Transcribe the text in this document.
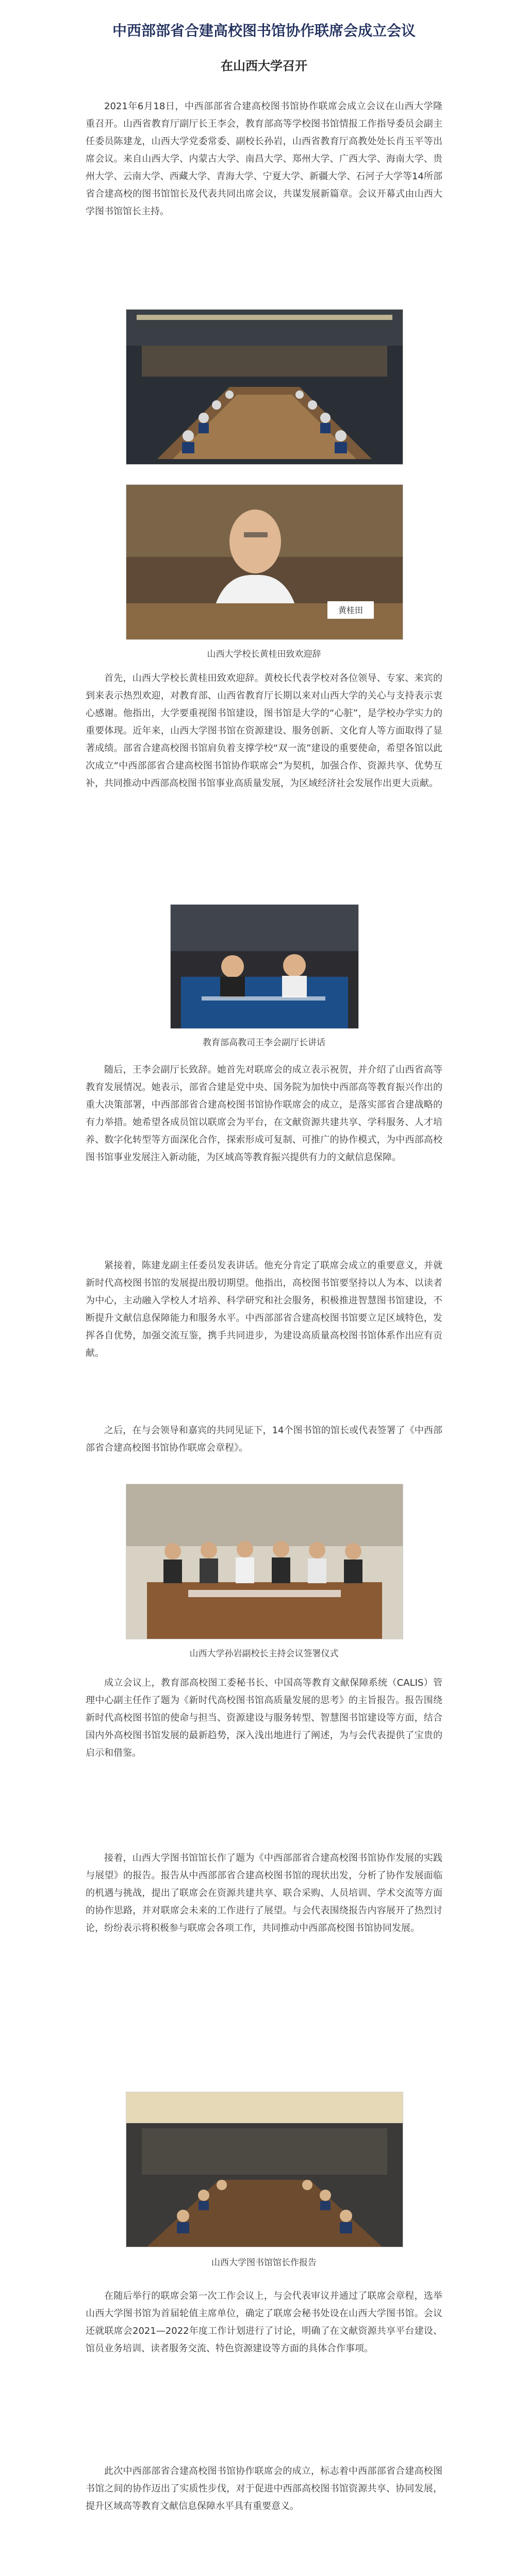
中西部部省合建高校图书馆协作联席会成立会议
在山西大学召开
2021年6月18日，中西部部省合建高校图书馆协作联席会成立会议在山西大学隆重召开。山西省教育厅副厅长王李会，教育部高等学校图书馆情报工作指导委员会副主任委员陈建龙，山西大学党委常委、副校长孙岩，山西省教育厅高教处处长肖玉平等出席会议。来自山西大学、内蒙古大学、南昌大学、郑州大学、广西大学、海南大学、贵州大学、云南大学、西藏大学、青海大学、宁夏大学、新疆大学、石河子大学等14所部省合建高校的图书馆馆长及代表共同出席会议，共谋发展新篇章。会议开幕式由山西大学图书馆馆长主持。
黄桂田
山西大学校长黄桂田致欢迎辞
首先，山西大学校长黄桂田致欢迎辞。黄校长代表学校对各位领导、专家、来宾的到来表示热烈欢迎，对教育部、山西省教育厅长期以来对山西大学的关心与支持表示衷心感谢。他指出，大学要重视图书馆建设，图书馆是大学的“心脏”，是学校办学实力的重要体现。近年来，山西大学图书馆在资源建设、服务创新、文化育人等方面取得了显著成绩。部省合建高校图书馆肩负着支撑学校“双一流”建设的重要使命，希望各馆以此次成立“中西部部省合建高校图书馆协作联席会”为契机，加强合作、资源共享、优势互补，共同推动中西部高校图书馆事业高质量发展，为区域经济社会发展作出更大贡献。
教育部高教司王李会副厅长讲话
随后，王李会副厅长致辞。她首先对联席会的成立表示祝贺，并介绍了山西省高等教育发展情况。她表示，部省合建是党中央、国务院为加快中西部高等教育振兴作出的重大决策部署，中西部部省合建高校图书馆协作联席会的成立，是落实部省合建战略的有力举措。她希望各成员馆以联席会为平台，在文献资源共建共享、学科服务、人才培养、数字化转型等方面深化合作，探索形成可复制、可推广的协作模式，为中西部高校图书馆事业发展注入新动能，为区域高等教育振兴提供有力的文献信息保障。
紧接着，陈建龙副主任委员发表讲话。他充分肯定了联席会成立的重要意义，并就新时代高校图书馆的发展提出殷切期望。他指出，高校图书馆要坚持以人为本、以读者为中心，主动融入学校人才培养、科学研究和社会服务，积极推进智慧图书馆建设，不断提升文献信息保障能力和服务水平。中西部部省合建高校图书馆要立足区域特色，发挥各自优势，加强交流互鉴，携手共同进步，为建设高质量高校图书馆体系作出应有贡献。
之后，在与会领导和嘉宾的共同见证下，14个图书馆的馆长或代表签署了《中西部部省合建高校图书馆协作联席会章程》。
山西大学孙岩副校长主持会议签署仪式
成立会议上，教育部高校图工委秘书长、中国高等教育文献保障系统（CALIS）管理中心副主任作了题为《新时代高校图书馆高质量发展的思考》的主旨报告。报告围绕新时代高校图书馆的使命与担当、资源建设与服务转型、智慧图书馆建设等方面，结合国内外高校图书馆发展的最新趋势，深入浅出地进行了阐述，为与会代表提供了宝贵的启示和借鉴。
接着，山西大学图书馆馆长作了题为《中西部部省合建高校图书馆协作发展的实践与展望》的报告。报告从中西部部省合建高校图书馆的现状出发，分析了协作发展面临的机遇与挑战，提出了联席会在资源共建共享、联合采购、人员培训、学术交流等方面的协作思路，并对联席会未来的工作进行了展望。与会代表围绕报告内容展开了热烈讨论，纷纷表示将积极参与联席会各项工作，共同推动中西部高校图书馆协同发展。
山西大学图书馆馆长作报告
在随后举行的联席会第一次工作会议上，与会代表审议并通过了联席会章程，选举山西大学图书馆为首届轮值主席单位，确定了联席会秘书处设在山西大学图书馆。会议还就联席会2021—2022年度工作计划进行了讨论，明确了在文献资源共享平台建设、馆员业务培训、读者服务交流、特色资源建设等方面的具体合作事项。
此次中西部部省合建高校图书馆协作联席会的成立，标志着中西部部省合建高校图书馆之间的协作迈出了实质性步伐，对于促进中西部高校图书馆资源共享、协同发展，提升区域高等教育文献信息保障水平具有重要意义。
